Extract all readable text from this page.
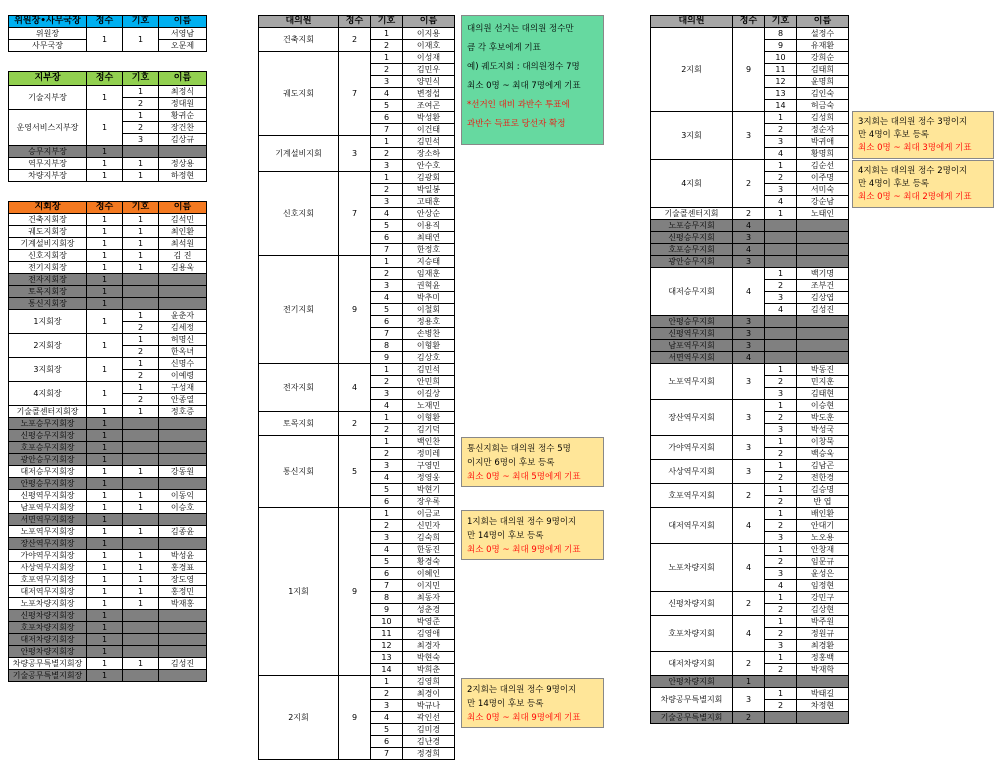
위원장•사무국장	정수	기호	이름
위원장	1	1	서영남
사무국장			오문제
지부장	정수	기호	이름
기술지부장	1	1	최정식
		2	정대원
운영서비스지부장	1	1	황귀순
		2	장건찬
		3	김상규
승무지부장	1		
역무지부장	1	1	정상용
차량지부장	1	1	하정현
지회장	정수	기호	이름
건축지회장	1	1	김석민
궤도지회장	1	1	최인환
기계설비지회장	1	1	최석원
신호지회장	1	1	김 진
전기지회장	1	1	김용욱
전자지회장	1		
토목지회장	1		
통신지회장	1		
1지회장	1	1	윤춘자
		2	김세정
2지회장	1	1	허명신
		2	한옥녀
3지회장	1	1	신명수
		2	이예령
4지회장	1	1	구성재
		2	안종열
기술콜센터지회장	1	1	정호증
노포승무지회장	1		
신평승무지회장	1		
호포승무지회장	1		
광안승무지회장	1		
대저승무지회장	1	1	강동원
안평승무지회장	1		
신평역무지회장	1	1	이동익
남포역무지회장	1	1	이승호
서면역무지회장	1		
노포역무지회장	1	1	김종윤
장산역무지회장	1		
가야역무지회장	1	1	박성윤
사상역무지회장	1	1	홍경표
호포역무지회장	1	1	장도영
대저역무지회장	1	1	홍정민
노포차량지회장	1	1	박재홍
신평차량지회장	1		
호포차량지회장	1		
대저차량지회장	1		
안평차량지회장	1		
차량공무특별지회장	1	1	김성진
기술공무특별지회장	1		
대의원	정수	기호	이름
건축지회	2	1	이지용
		2	이재호
궤도지회	7	1	이성재
		2	김민우
		3	양민식
		4	변정섭
		5	조여곤
		6	박성환
		7	이건태
기계설비지회	3	1	김민석
		2	장소하
		3	안수호
신호지회	7	1	김광회
		2	박일봉
		3	고태훈
		4	안상순
		5	이용직
		6	최태연
		7	한정호
전기지회	9	1	지승태
		2	임재훈
		3	권혁윤
		4	박추미
		5	이철회
		6	정용호
		7	손병찬
		8	이형환
		9	김상호
전자지회	4	1	김민석
		2	안민희
		3	이길상
		4	노재민
토목지회	2	1	이형환
		2	김기덕
통신지회	5	1	백인찬
		2	정미레
		3	구영민
		4	정영웅
		5	박현기
		6	장우록
1지회	9	1	이금교
		2	신민자
		3	김숙희
		4	한동진
		5	황경숙
		6	이혜인
		7	이지민
		8	최동자
		9	성춘경
		10	박영준
		11	김영애
		12	최경자
		13	박현숙
		14	박희춘
2지회	9	1	김영희
		2	최경이
		3	박규나
		4	곽인선
		5	김미경
		6	김난경
		7	정경희
대의원	정수	기호	이름
2지회	9	8	설정수
		9	유재환
		10	강희순
		11	김태희
		12	윤명희
		13	김인숙
		14	허금숙
3지회	3	1	김성희
		2	정순자
		3	박귀애
		4	황명희
4지회	2	1	김순선
		2	이주명
		3	서미숙
		4	강순남
기술콜센터지회	2	1	노태인
노포승무지회	4		
신평승무지회	3		
호포승무지회	4		
광안승무지회	3		
대저승무지회	4	1	백기명
		2	조부건
		3	김상엽
		4	김성진
안평승무지회	3		
신평역무지회	3		
남포역무지회	3		
서면역무지회	4		
노포역무지회	3	1	박동진
		2	민지훈
		3	김태현
장산역무지회	3	1	이승현
		2	박도훈
		3	박성국
가야역무지회	3	1	이창묵
		2	백승욱
사상역무지회	3	1	김남곤
		2	전한경
호포역무지회	2	1	김승명
		2	반 엽
대저역무지회	4	1	배인환
		2	안대기
		3	노오용
노포차량지회	4	1	안창재
		2	임문규
		3	윤성은
		4	임정현
신평차량지회	2	1	강민구
		2	김상현
호포차량지회	4	1	박주원
		2	정원규
		3	최경환
대저차량지회	2	1	정홍백
		2	박재학
안평차량지회	1		
차량공무특별지회	3	1	박태길
		2	차정현
기술공무특별지회	2		
대의원 선거는 대의원 정수만
큼 각 후보에게 기표
예) 궤도지회 : 대의원정수 7명
최소 0명 ~ 최대 7명에게 기표
*선거인 대비 과반수 투표에
과반수 득표로 당선자 확정
통신지회는 대의원 정수 5명
이지만 6명이 후보 등록
최소 0명 ~ 최대 5명에게 기표
1지회는 대의원 정수 9명이지
만 14명이 후보 등록
최소 0명 ~ 최대 9명에게 기표
2지회는 대의원 정수 9명이지
만 14명이 후보 등록
최소 0명 ~ 최대 9명에게 기표
3지회는 대의원 정수 3명이지
만 4명이 후보 등록
최소 0명 ~ 최대 3명에게 기표
4지회는 대의원 정수 2명이지
만 4명이 후보 등록
최소 0명 ~ 최대 2명에게 기표
